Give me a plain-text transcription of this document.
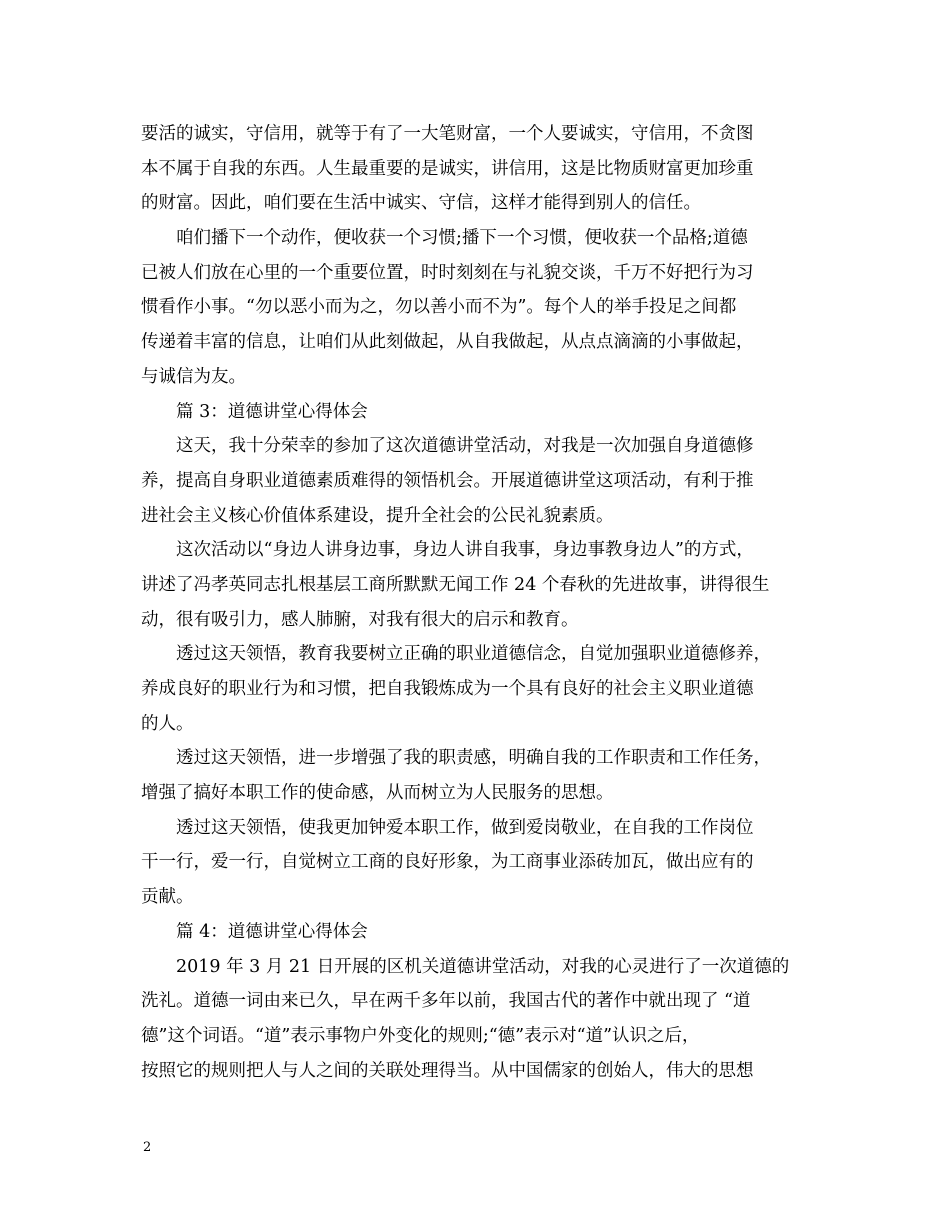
要活的诚实，守信用，就等于有了一大笔财富，一个人要诚实，守信用，不贪图
本不属于自我的东西。人生最重要的是诚实，讲信用，这是比物质财富更加珍重
的财富。因此，咱们要在生活中诚实、守信，这样才能得到别人的信任。
咱们播下一个动作，便收获一个习惯;播下一个习惯，便收获一个品格;道德
已被人们放在心里的一个重要位置，时时刻刻在与礼貌交谈，千万不好把行为习
惯看作小事。“勿以恶小而为之，勿以善小而不为”。每个人的举手投足之间都
传递着丰富的信息，让咱们从此刻做起，从自我做起，从点点滴滴的小事做起，
与诚信为友。
篇 3：道德讲堂心得体会
这天，我十分荣幸的参加了这次道德讲堂活动，对我是一次加强自身道德修
养，提高自身职业道德素质难得的领悟机会。开展道德讲堂这项活动，有利于推
进社会主义核心价值体系建设，提升全社会的公民礼貌素质。
这次活动以“身边人讲身边事，身边人讲自我事，身边事教身边人”的方式，
讲述了冯孝英同志扎根基层工商所默默无闻工作 24 个春秋的先进故事，讲得很生
动，很有吸引力，感人肺腑，对我有很大的启示和教育。
透过这天领悟，教育我要树立正确的职业道德信念，自觉加强职业道德修养，
养成良好的职业行为和习惯，把自我锻炼成为一个具有良好的社会主义职业道德
的人。
透过这天领悟，进一步增强了我的职责感，明确自我的工作职责和工作任务，
增强了搞好本职工作的使命感，从而树立为人民服务的思想。
透过这天领悟，使我更加钟爱本职工作，做到爱岗敬业，在自我的工作岗位
干一行，爱一行，自觉树立工商的良好形象，为工商事业添砖加瓦，做出应有的
贡献。
篇 4：道德讲堂心得体会
2019 年 3 月 21 日开展的区机关道德讲堂活动，对我的心灵进行了一次道德的
洗礼。道德一词由来已久，早在两千多年以前，我国古代的著作中就出现了 “道
德”这个词语。“道”表示事物户外变化的规则;“德”表示对“道”认识之后，
按照它的规则把人与人之间的关联处理得当。从中国儒家的创始人，伟大的思想
2
